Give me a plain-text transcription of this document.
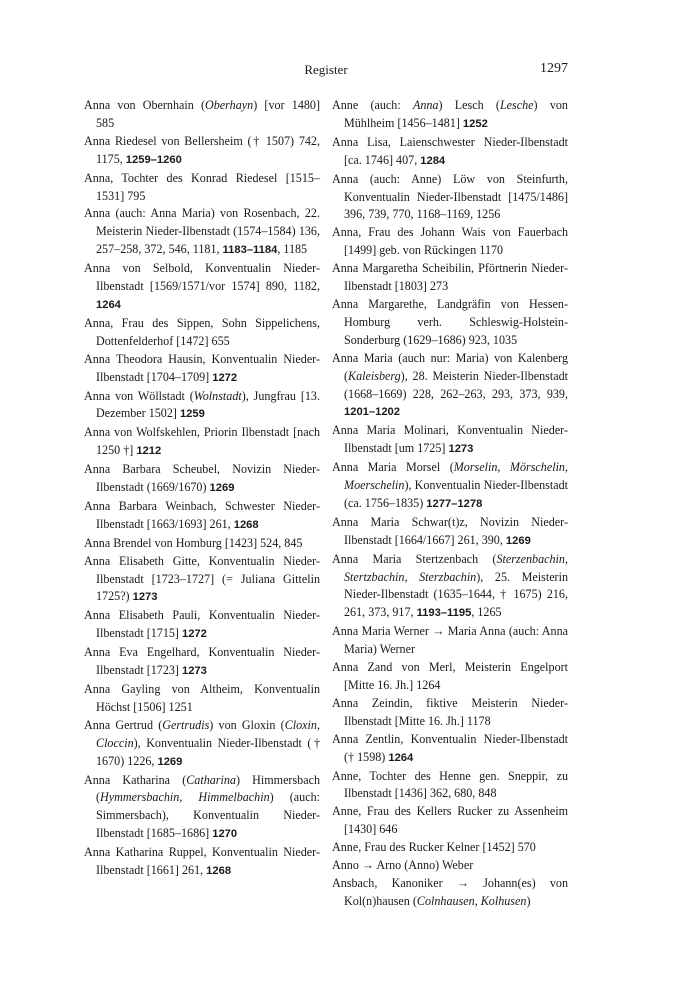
Register	1297
Anna von Obernhain (Oberhayn) [vor 1480] 585
Anna Riedesel von Bellersheim († 1507) 742, 1175, 1259–1260
Anna, Tochter des Konrad Riedesel [1515–1531] 795
Anna (auch: Anna Maria) von Rosenbach, 22. Meisterin Nieder-Ilbenstadt (1574–1584) 136, 257–258, 372, 546, 1181, 1183–1184, 1185
Anna von Selbold, Konventualin Nieder-Ilbenstadt [1569/1571/vor 1574] 890, 1182, 1264
Anna, Frau des Sippen, Sohn Sippelichens, Dottenfelderhof [1472] 655
Anna Theodora Hausin, Konventualin Nieder-Ilbenstadt [1704–1709] 1272
Anna von Wöllstadt (Wolnstadt), Jungfrau [13. Dezember 1502] 1259
Anna von Wolfskehlen, Priorin Ilbenstadt [nach 1250 †] 1212
Anna Barbara Scheubel, Novizin Nieder-Ilbenstadt (1669/1670) 1269
Anna Barbara Weinbach, Schwester Nieder-Ilbenstadt [1663/1693] 261, 1268
Anna Brendel von Homburg [1423] 524, 845
Anna Elisabeth Gitte, Konventualin Nieder-Ilbenstadt [1723–1727] (= Juliana Gittelin 1725?) 1273
Anna Elisabeth Pauli, Konventualin Nieder-Ilbenstadt [1715] 1272
Anna Eva Engelhard, Konventualin Nieder-Ilbenstadt [1723] 1273
Anna Gayling von Altheim, Konventualin Höchst [1506] 1251
Anna Gertrud (Gertrudis) von Gloxin (Cloxin, Cloccin), Konventualin Nieder-Ilbenstadt († 1670) 1226, 1269
Anna Katharina (Catharina) Himmersbach (Hymmersbachin, Himmelbachin) (auch: Simmersbach), Konventualin Nieder-Ilbenstadt [1685–1686] 1270
Anna Katharina Ruppel, Konventualin Nieder-Ilbenstadt [1661] 261, 1268
Anne (auch: Anna) Lesch (Lesche) von Mühlheim [1456–1481] 1252
Anna Lisa, Laienschwester Nieder-Ilbenstadt [ca. 1746] 407, 1284
Anna (auch: Anne) Löw von Steinfurth, Konventualin Nieder-Ilbenstadt [1475/1486] 396, 739, 770, 1168–1169, 1256
Anna, Frau des Johann Wais von Fauerbach [1499] geb. von Rückingen 1170
Anna Margaretha Scheibilin, Pförtnerin Nieder-Ilbenstadt [1803] 273
Anna Margarethe, Landgräfin von Hessen-Homburg verh. Schleswig-Holstein-Sonderburg (1629–1686) 923, 1035
Anna Maria (auch nur: Maria) von Kalenberg (Kaleisberg), 28. Meisterin Nieder-Ilbenstadt (1668–1669) 228, 262–263, 293, 373, 939, 1201–1202
Anna Maria Molinari, Konventualin Nieder-Ilbenstadt [um 1725] 1273
Anna Maria Morsel (Morselin, Mörschelin, Moerschelin), Konventualin Nieder-Ilbenstadt (ca. 1756–1835) 1277–1278
Anna Maria Schwar(t)z, Novizin Nieder-Ilbenstadt [1664/1667] 261, 390, 1269
Anna Maria Stertzenbach (Sterzenbachin, Stertzbachin, Sterzbachin), 25. Meisterin Nieder-Ilbenstadt (1635–1644, † 1675) 216, 261, 373, 917, 1193–1195, 1265
Anna Maria Werner → Maria Anna (auch: Anna Maria) Werner
Anna Zand von Merl, Meisterin Engelport [Mitte 16. Jh.] 1264
Anna Zeindin, fiktive Meisterin Nieder-Ilbenstadt [Mitte 16. Jh.] 1178
Anna Zentlin, Konventualin Nieder-Ilbenstadt († 1598) 1264
Anne, Tochter des Henne gen. Sneppir, zu Ilbenstadt [1436] 362, 680, 848
Anne, Frau des Kellers Rucker zu Assenheim [1430] 646
Anne, Frau des Rucker Kelner [1452] 570
Anno → Arno (Anno) Weber
Ansbach, Kanoniker → Johann(es) von Kol(n)hausen (Colnhausen, Kolhusen)
